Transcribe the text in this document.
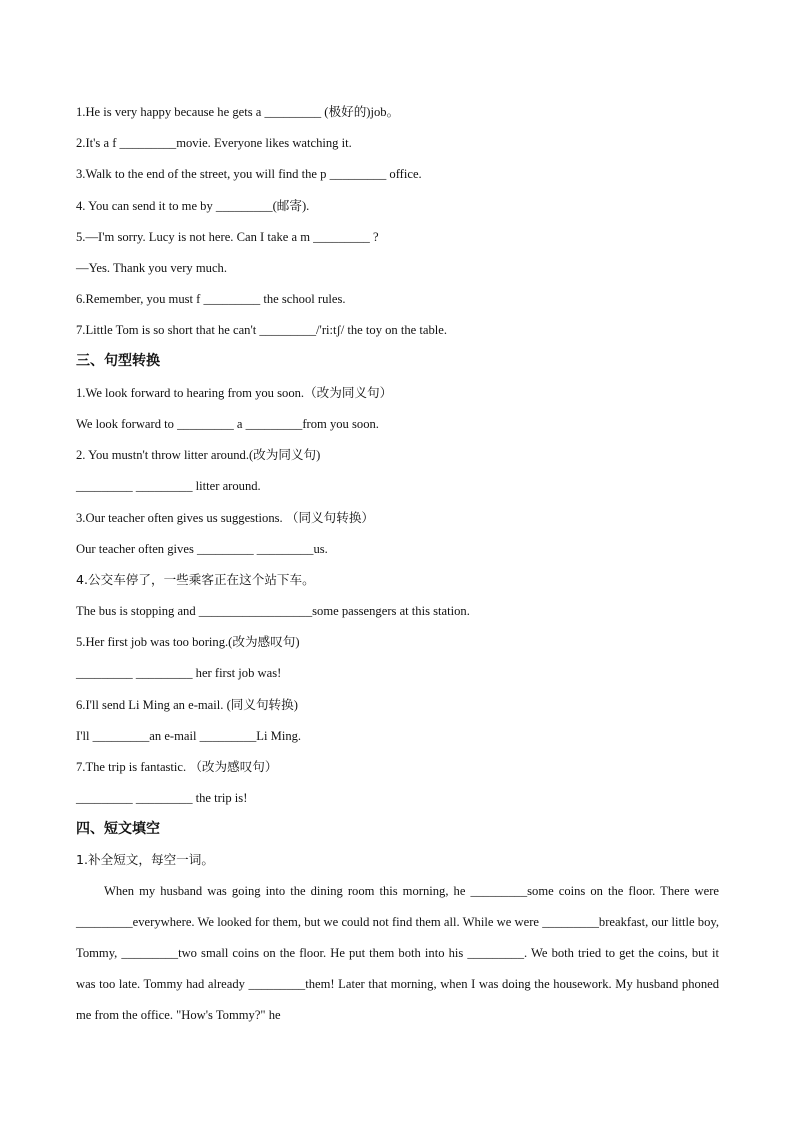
1.He is very happy because he gets a _________ (极好的)job。
2.It's a f _________movie. Everyone likes watching it.
3.Walk to the end of the street, you will find the p _________ office.
4. You can send it to me by _________(邮寄).
5.—I'm sorry. Lucy is not here. Can I take a m _________ ?
—Yes. Thank you very much.
6.Remember, you must f _________ the school rules.
7.Little Tom is so short that he can't _________/'ri:tʃ/ the toy on the table.
三、句型转换
1.We look forward to hearing from you soon.（改为同义句）
We look forward to _________ a _________from you soon.
2. You mustn't throw litter around.(改为同义句)
_________ _________ litter around.
3.Our teacher often gives us suggestions. （同义句转换）
Our teacher often gives _________ _________us.
4.公交车停了，一些乘客正在这个站下车。
The bus is stopping and __________________some passengers at this station.
5.Her first job was too boring.(改为感叹句)
_________ _________ her first job was!
6.I'll send Li Ming an e-mail. (同义句转换)
I'll _________an e-mail _________Li Ming.
7.The trip is fantastic. （改为感叹句）
_________ _________ the trip is!
四、短文填空
1.补全短文，每空一词。
When my husband was going into the dining room this morning, he _________some coins on the floor. There were _________everywhere. We looked for them, but we could not find them all. While we were _________breakfast, our little boy, Tommy, _________two small coins on the floor. He put them both into his _________. We both tried to get the coins, but it was too late. Tommy had already _________them! Later that morning, when I was doing the housework. My husband phoned me from the office. "How's Tommy?" he
